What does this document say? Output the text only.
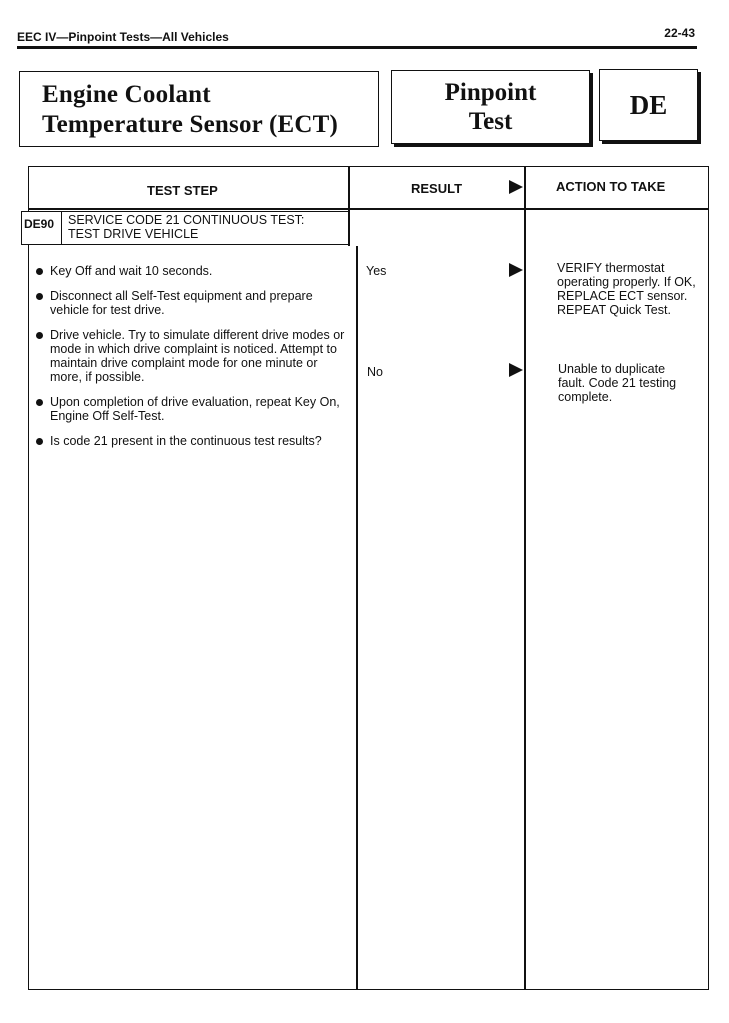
EEC IV—Pinpoint Tests—All Vehicles	22-43
Engine Coolant
Temperature Sensor (ECT)
Pinpoint
Test
DE
TEST STEP	RESULT	ACTION TO TAKE
DE90	SERVICE CODE 21 CONTINUOUS TEST:
TEST DRIVE VEHICLE
Key Off and wait 10 seconds.
Disconnect all Self-Test equipment and prepare vehicle for test drive.
Drive vehicle. Try to simulate different drive modes or mode in which drive complaint is noticed. Attempt to maintain drive complaint mode for one minute or more, if possible.
Upon completion of drive evaluation, repeat Key On, Engine Off Self-Test.
Is code 21 present in the continuous test results?
Yes	VERIFY thermostat operating properly. If OK, REPLACE ECT sensor. REPEAT Quick Test.
No	Unable to duplicate fault. Code 21 testing complete.
